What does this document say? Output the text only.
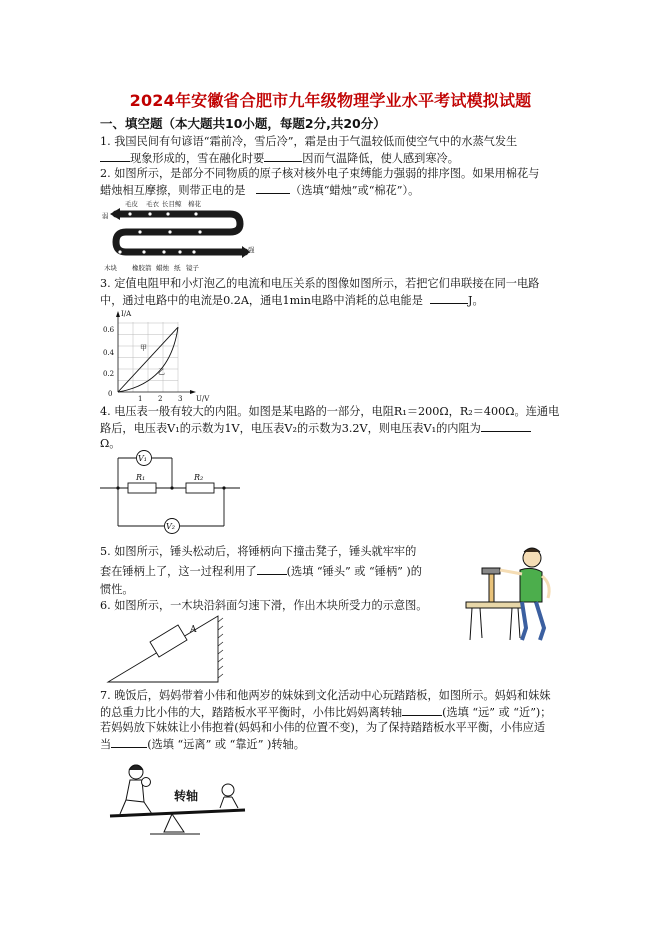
2024年安徽省合肥市九年级物理学业水平考试模拟试题
一、填空题（本大题共10小题，每题2分,共20分）
1. 我国民间有句谚语“霜前冷，雪后冷”，霜是由于气温较低而使空气中的水蒸气发生
现象形成的，雪在融化时要	因而气温降低，使人感到寒冷。
2. 如图所示，是部分不同物质的原子核对核外电子束缚能力强弱的排序图。如果用棉花与
蜡烛相互摩擦，则带正电的是	（选填“蜡烛”或“棉花”）。
毛皮 毛衣 长目鲸 棉花
弱
强
木块 橡胶箭 蜡烛 纸 镜子
3. 定值电阻甲和小灯泡乙的电流和电压关系的图像如图所示，若把它们串联接在同一电路
中，通过电路中的电流是0.2A，通电1min电路中消耗的总电能是	J。
I/A
U/V
0.6
0.4
0.2
0
1 2 3
甲
乙
4. 电压表一般有较大的内阻。如图是某电路的一部分，电阻R₁＝200Ω，R₂＝400Ω。连通电
路后，电压表V₁的示数为1V，电压表V₂的示数为3.2V，则电压表V₁的内阻为
Ω。
V₁
V₂
R₁	R₂
5. 如图所示，锤头松动后，将锤柄向下撞击凳子，锤头就牢牢的
套在锤柄上了，这一过程利用了	(选填 “锤头” 或 “锤柄” )的
惯性。
6. 如图所示，一木块沿斜面匀速下滑，作出木块所受力的示意图。
A
7. 晚饭后，妈妈带着小伟和他两岁的妹妹到文化活动中心玩踏踏板，如图所示。妈妈和妹妹
的总重力比小伟的大，踏踏板水平平衡时，小伟比妈妈离转轴	(选填 “远” 或 “近”)；
若妈妈放下妹妹让小伟抱着(妈妈和小伟的位置不变)，为了保持踏踏板水平平衡，小伟应适
当	(选填 “远离” 或 “靠近” )转轴。
转轴
